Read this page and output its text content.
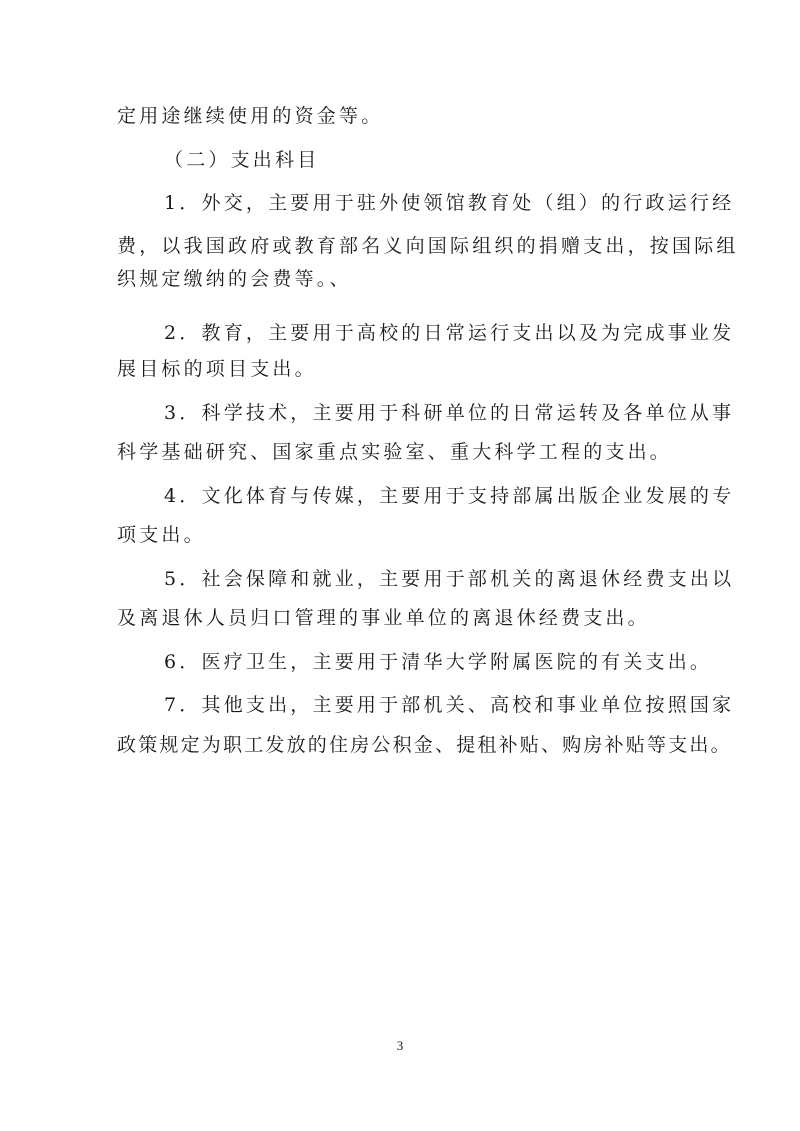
定用途继续使用的资金等。

（二）支出科目

1．外交，主要用于驻外使领馆教育处（组）的行政运行经

费，以我国政府或教育部名义向国际组织的捐赠支出，按国际组

织规定缴纳的会费等。、

2．教育，主要用于高校的日常运行支出以及为完成事业发

展目标的项目支出。

3．科学技术，主要用于科研单位的日常运转及各单位从事

科学基础研究、国家重点实验室、重大科学工程的支出。

4．文化体育与传媒，主要用于支持部属出版企业发展的专

项支出。

5．社会保障和就业，主要用于部机关的离退休经费支出以

及离退休人员归口管理的事业单位的离退休经费支出。

6．医疗卫生，主要用于清华大学附属医院的有关支出。

7．其他支出，主要用于部机关、高校和事业单位按照国家

政策规定为职工发放的住房公积金、提租补贴、购房补贴等支出。

3
